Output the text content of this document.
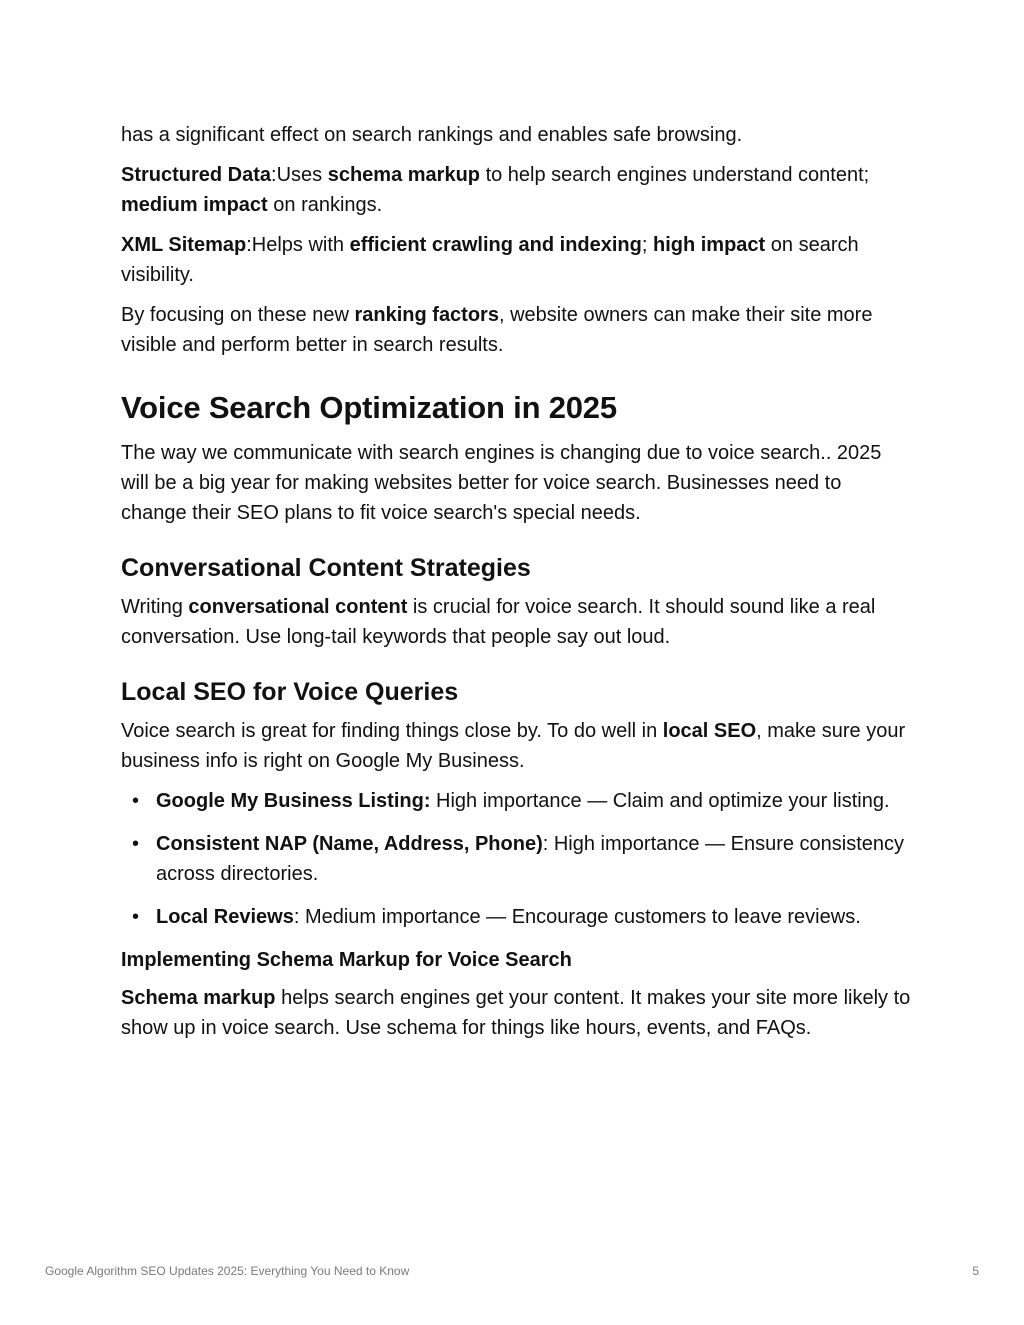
has a significant effect on search rankings and enables safe browsing.

Structured Data:Uses schema markup to help search engines understand content; medium impact on rankings.

XML Sitemap:Helps with efficient crawling and indexing; high impact on search visibility.

By focusing on these new ranking factors, website owners can make their site more visible and perform better in search results.

Voice Search Optimization in 2025

The way we communicate with search engines is changing due to voice search.. 2025 will be a big year for making websites better for voice search. Businesses need to change their SEO plans to fit voice search's special needs.

Conversational Content Strategies

Writing conversational content is crucial for voice search. It should sound like a real conversation. Use long-tail keywords that people say out loud.

Local SEO for Voice Queries

Voice search is great for finding things close by. To do well in local SEO, make sure your business info is right on Google My Business.

• Google My Business Listing: High importance — Claim and optimize your listing.
• Consistent NAP (Name, Address, Phone): High importance — Ensure consistency across directories.
• Local Reviews: Medium importance — Encourage customers to leave reviews.
Implementing Schema Markup for Voice Search

Schema markup helps search engines get your content. It makes your site more likely to show up in voice search. Use schema for things like hours, events, and FAQs.

Google Algorithm SEO Updates 2025: Everything You Need to Know	5
